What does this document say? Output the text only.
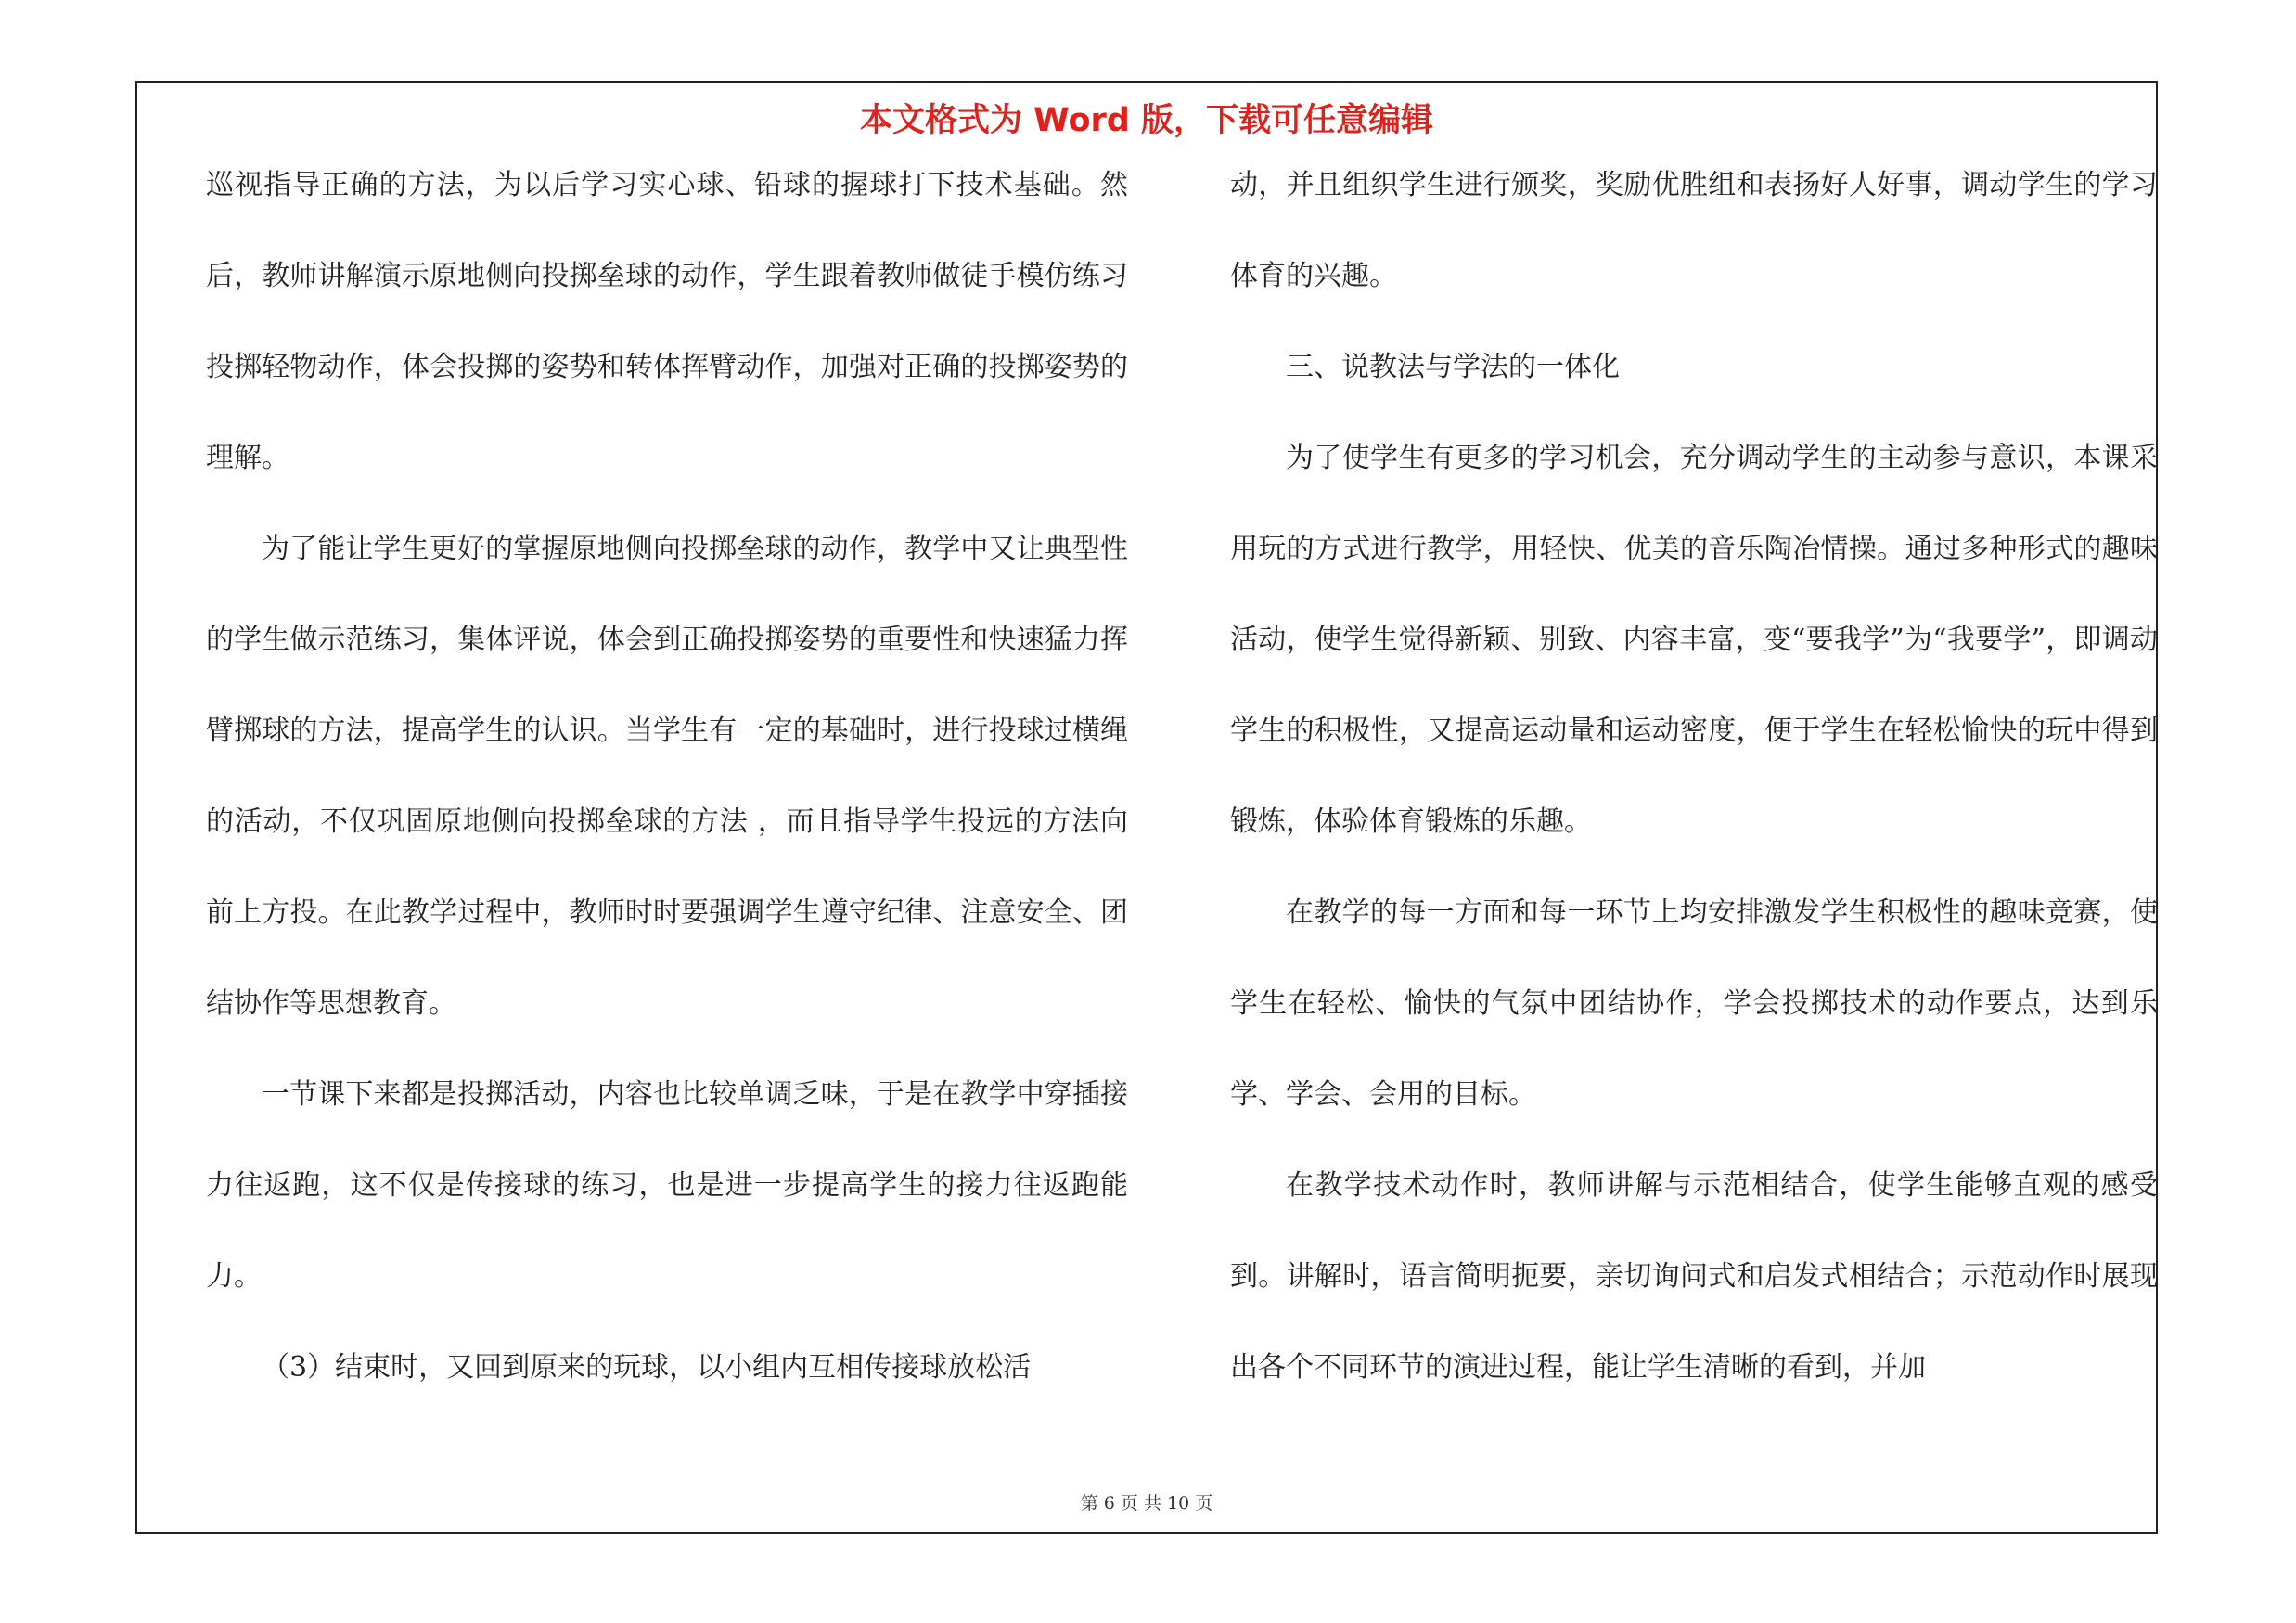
本文格式为 Word 版，下载可任意编辑

巡视指导正确的方法，为以后学习实心球、铅球的握球打下技术基础。然后，教师讲解演示原地侧向投掷垒球的动作，学生跟着教师做徒手模仿练习投掷轻物动作，体会投掷的姿势和转体挥臂动作，加强对正确的投掷姿势的理解。

为了能让学生更好的掌握原地侧向投掷垒球的动作，教学中又让典型性的学生做示范练习，集体评说，体会到正确投掷姿势的重要性和快速猛力挥臂掷球的方法，提高学生的认识。当学生有一定的基础时，进行投球过横绳的活动，不仅巩固原地侧向投掷垒球的方法 ，而且指导学生投远的方法向前上方投。在此教学过程中，教师时时要强调学生遵守纪律、注意安全、团结协作等思想教育。

一节课下来都是投掷活动，内容也比较单调乏味，于是在教学中穿插接力往返跑，这不仅是传接球的练习，也是进一步提高学生的接力往返跑能力。

（3）结束时，又回到原来的玩球，以小组内互相传接球放松活

动，并且组织学生进行颁奖，奖励优胜组和表扬好人好事，调动学生的学习体育的兴趣。

三、说教法与学法的一体化

为了使学生有更多的学习机会，充分调动学生的主动参与意识，本课采用玩的方式进行教学，用轻快、优美的音乐陶冶情操。通过多种形式的趣味活动，使学生觉得新颖、别致、内容丰富，变“要我学”为“我要学”，即调动学生的积极性，又提高运动量和运动密度，便于学生在轻松愉快的玩中得到锻炼，体验体育锻炼的乐趣。

在教学的每一方面和每一环节上均安排激发学生积极性的趣味竞赛，使学生在轻松、愉快的气氛中团结协作，学会投掷技术的动作要点，达到乐学、学会、会用的目标。

在教学技术动作时，教师讲解与示范相结合，使学生能够直观的感受到。讲解时，语言简明扼要，亲切询问式和启发式相结合；示范动作时展现出各个不同环节的演进过程，能让学生清晰的看到，并加

第 6 页 共 10 页
